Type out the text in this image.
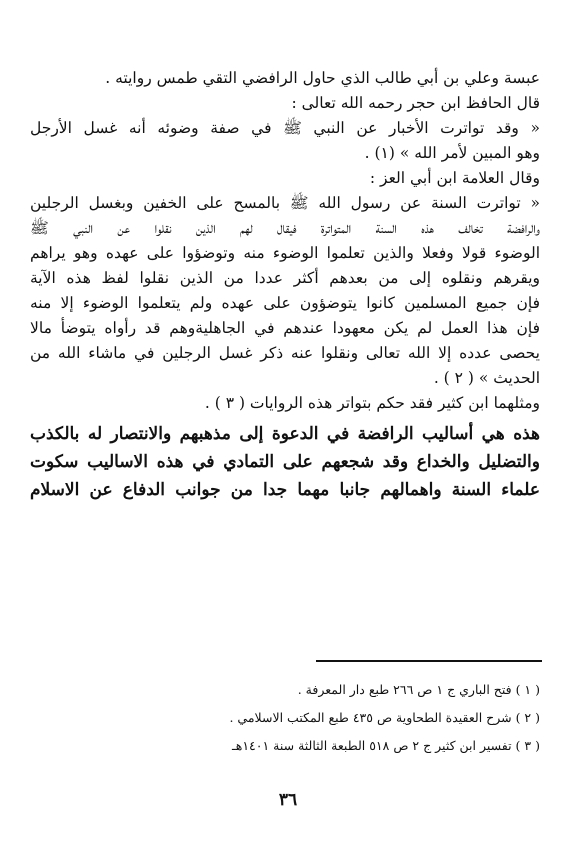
عبسة وعلي بن أبي طالب الذي حاول الرافضي التقي طمس روايته .
قال الحافظ ابن حجر رحمه الله تعالى :
« وقد تواترت الأخبار عن النبي ﷺ في صفة وضوئه أنه غسل الأرجل
وهو المبين لأمر الله » (١) .
وقال العلامة ابن أبي العز :
« تواترت السنة عن رسول الله ﷺ بالمسح على الخفين وبغسل الرجلين
والرافضة تخالف هذه السنة المتواترة فيقال لهم الذين نقلوا عن النبي ﷺ
الوضوء قولا وفعلا والذين تعلموا الوضوء منه وتوضؤوا على عهده وهو يراهم
ويقرهم ونقلوه إلى من بعدهم أكثر عددا من الذين نقلوا لفظ هذه الآية
فإن جميع المسلمين كانوا يتوضؤون على عهده ولم يتعلموا الوضوء إلا منه
فإن هذا العمل لم يكن معهودا عندهم في الجاهليةوهم قد رأواه يتوضأ مالا
يحصى عدده إلا الله تعالى ونقلوا عنه ذكر غسل الرجلين في ماشاء الله من
الحديث » ( ٢ ) .
ومثلهما ابن كثير فقد حكم بتواتر هذه الروايات ( ٣ ) .
هذه هي أساليب الرافضة في الدعوة إلى مذهبهم والانتصار له بالكذب
والتضليل والخداع وقد شجعهم على التمادي في هذه الاساليب سكوت
علماء السنة واهمالهم جانبا مهما جدا من جوانب الدفاع عن الاسلام
( ١ ) فتح الباري ج ١ ص ٢٦٦ طبع دار المعرفة .
( ٢ ) شرح العقيدة الطحاوية ص ٤٣٥ طبع المكتب الاسلامي .
( ٣ ) تفسير ابن كثير ج ٢ ص ٥١٨ الطبعة الثالثة سنة ١٤٠١هـ
٣٦
